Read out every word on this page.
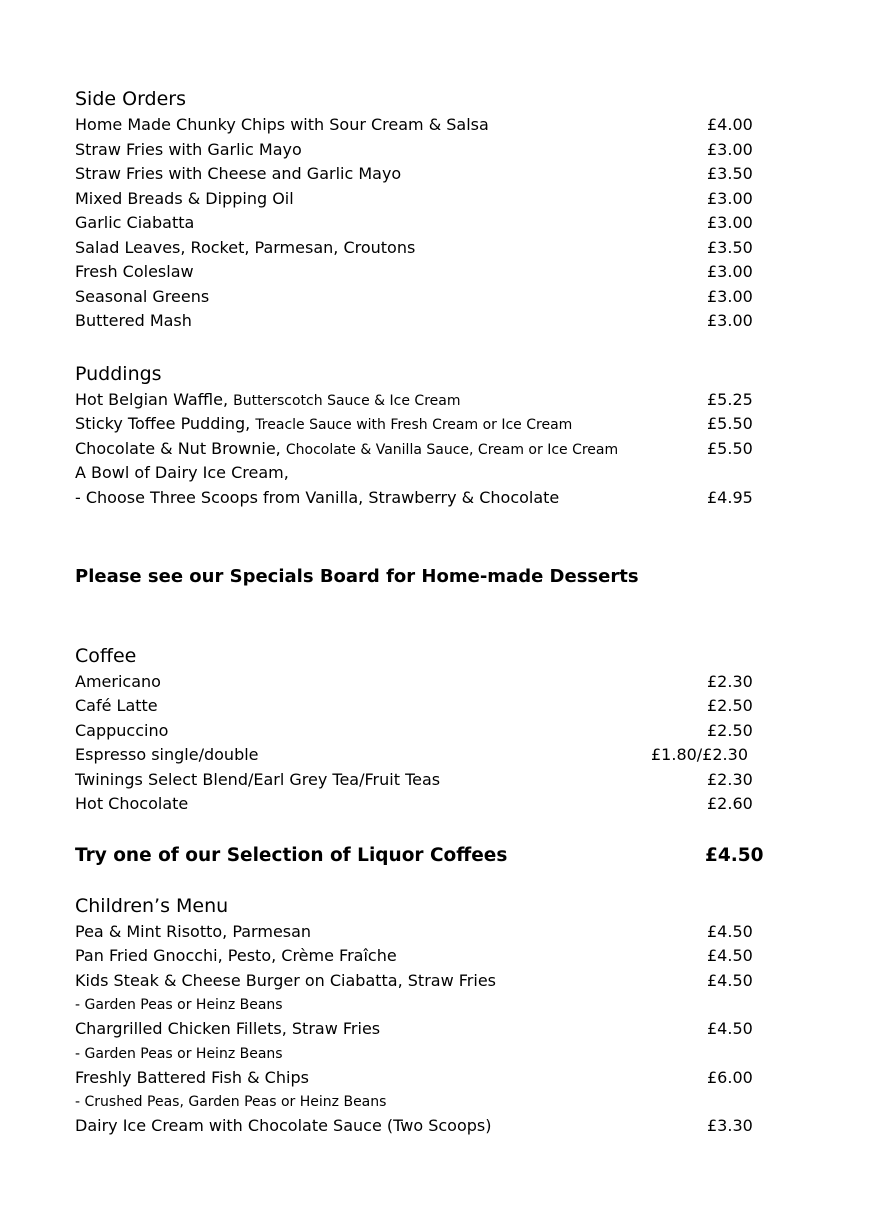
Side Orders
Home Made Chunky Chips with Sour Cream & Salsa	£4.00
Straw Fries with Garlic Mayo	£3.00
Straw Fries with Cheese and Garlic Mayo	£3.50
Mixed Breads & Dipping Oil	£3.00
Garlic Ciabatta	£3.00
Salad Leaves, Rocket, Parmesan, Croutons	£3.50
Fresh Coleslaw	£3.00
Seasonal Greens	£3.00
Buttered Mash	£3.00
Puddings
Hot Belgian Waffle, Butterscotch Sauce & Ice Cream	£5.25
Sticky Toffee Pudding, Treacle Sauce with Fresh Cream or Ice Cream	£5.50
Chocolate & Nut Brownie, Chocolate & Vanilla Sauce, Cream or Ice Cream	£5.50
A Bowl of Dairy Ice Cream,
- Choose Three Scoops from Vanilla, Strawberry & Chocolate	£4.95
Please see our Specials Board for Home-made Desserts
Coffee
Americano	£2.30
Café Latte	£2.50
Cappuccino	£2.50
Espresso single/double	£1.80/£2.30
Twinings Select Blend/Earl Grey Tea/Fruit Teas	£2.30
Hot Chocolate	£2.60
Try one of our Selection of Liquor Coffees	£4.50
Children’s Menu
Pea & Mint Risotto, Parmesan	£4.50
Pan Fried Gnocchi, Pesto, Crème Fraîche	£4.50
Kids Steak & Cheese Burger on Ciabatta, Straw Fries	£4.50
- Garden Peas or Heinz Beans
Chargrilled Chicken Fillets, Straw Fries	£4.50
- Garden Peas or Heinz Beans
Freshly Battered Fish & Chips	£6.00
- Crushed Peas, Garden Peas or Heinz Beans
Dairy Ice Cream with Chocolate Sauce (Two Scoops)	£3.30
